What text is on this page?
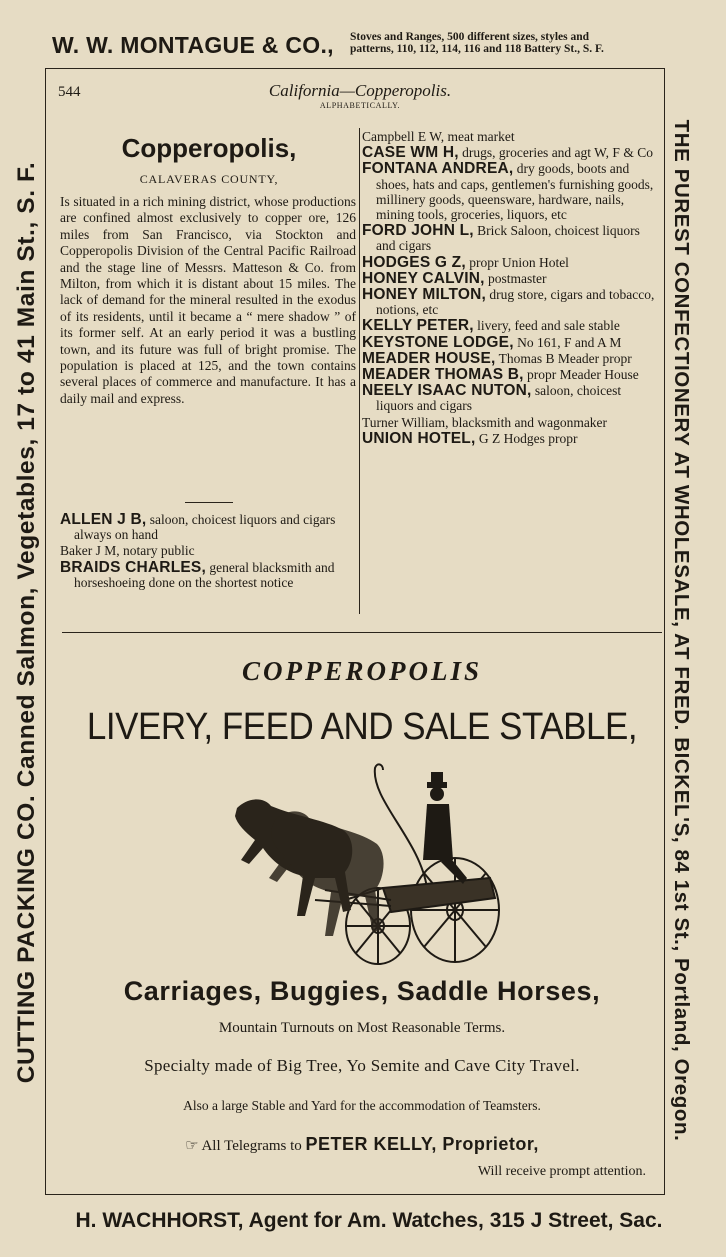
W. W. MONTAGUE & CO., Stoves and Ranges, 500 different sizes, styles and
patterns, 110, 112, 114, 116 and 118 Battery St., S. F.
CUTTING PACKING CO. Canned Salmon, Vegetables, 17 to 41 Main St., S. F.	THE PUREST CONFECTIONERY AT WHOLESALE, AT FRED. BICKEL'S, 84 1st St., Portland, Oregon.
H. WACHHORST, Agent for Am. Watches, 315 J Street, Sac.
544	California—Copperopolis.
ALPHABETICALLY.
Copperopolis,
CALAVERAS COUNTY,
Is situated in a rich mining district, whose productions are confined almost exclusively to copper ore, 126 miles from San Francisco, via Stockton and Copperopolis Division of the Central Pacific Railroad and the stage line of Messrs. Matteson & Co. from Milton, from which it is distant about 15 miles. The lack of demand for the mineral resulted in the exodus of its residents, until it became a “ mere shadow ” of its former self. At an early period it was a bustling town, and its future was full of bright promise. The population is placed at 125, and the town contains several places of commerce and manufacture. It has a daily mail and express.
ALLEN J B, saloon, choicest liquors and cigars always on hand
Baker J M, notary public
BRAIDS CHARLES, general blacksmith and horseshoeing done on the shortest notice
Campbell E W, meat market
CASE WM H, drugs, groceries and agt W, F & Co
FONTANA ANDREA, dry goods, boots and shoes, hats and caps, gentlemen's furnishing goods, millinery goods, queensware, hardware, nails, mining tools, groceries, liquors, etc
FORD JOHN L, Brick Saloon, choicest liquors and cigars
HODGES G Z, propr Union Hotel
HONEY CALVIN, postmaster
HONEY MILTON, drug store, cigars and tobacco, notions, etc
KELLY PETER, livery, feed and sale stable
KEYSTONE LODGE, No 161, F and A M
MEADER HOUSE, Thomas B Meader propr
MEADER THOMAS B, propr Meader House
NEELY ISAAC NUTON, saloon, choicest liquors and cigars
Turner William, blacksmith and wagonmaker
UNION HOTEL, G Z Hodges propr
COPPEROPOLIS
LIVERY, FEED AND SALE STABLE,
Carriages, Buggies, Saddle Horses,
Mountain Turnouts on Most Reasonable Terms.
Specialty made of Big Tree, Yo Semite and Cave City Travel.
Also a large Stable and Yard for the accommodation of Teamsters.
☞ All Telegrams to PETER KELLY, Proprietor,
Will receive prompt attention.
